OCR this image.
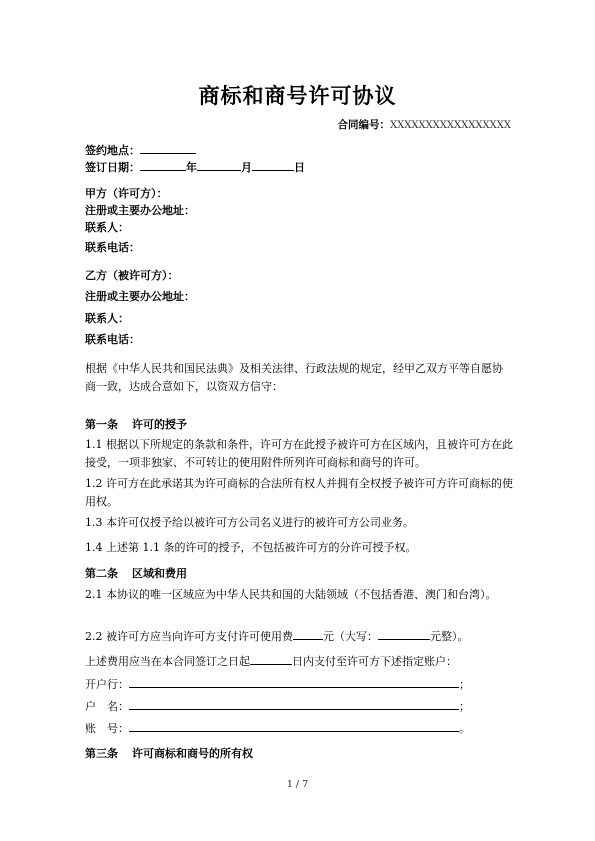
商标和商号许可协议
合同编号：XXXXXXXXXXXXXXXXX
签约地点：
签订日期：	年	月	日
甲方（许可方）：
注册或主要办公地址：
联系人：
联系电话：
乙方（被许可方）：
注册或主要办公地址：
联系人：
联系电话：
根据《中华人民共和国民法典》及相关法律、行政法规的规定，经甲乙双方平等自愿协商一致，达成合意如下，以资双方信守：
第一条 许可的授予
1.1 根据以下所规定的条款和条件，许可方在此授予被许可方在区域内，且被许可方在此接受，一项非独家、不可转让的使用附件所列许可商标和商号的许可。
1.2 许可方在此承诺其为许可商标的合法所有权人并拥有全权授予被许可方许可商标的使用权。
1.3 本许可仅授予给以被许可方公司名义进行的被许可方公司业务。
1.4 上述第 1.1 条的许可的授予，不包括被许可方的分许可授予权。
第二条 区域和费用
2.1 本协议的唯一区域应为中华人民共和国的大陆领域（不包括香港、澳门和台湾）。
2.2 被许可方应当向许可方支付许可使用费	元（大写：	元整）。
上述费用应当在本合同签订之日起	日内支付至许可方下述指定账户：
开户行：	；
户　名：	；
账　号：	。
第三条 许可商标和商号的所有权
1 / 7
